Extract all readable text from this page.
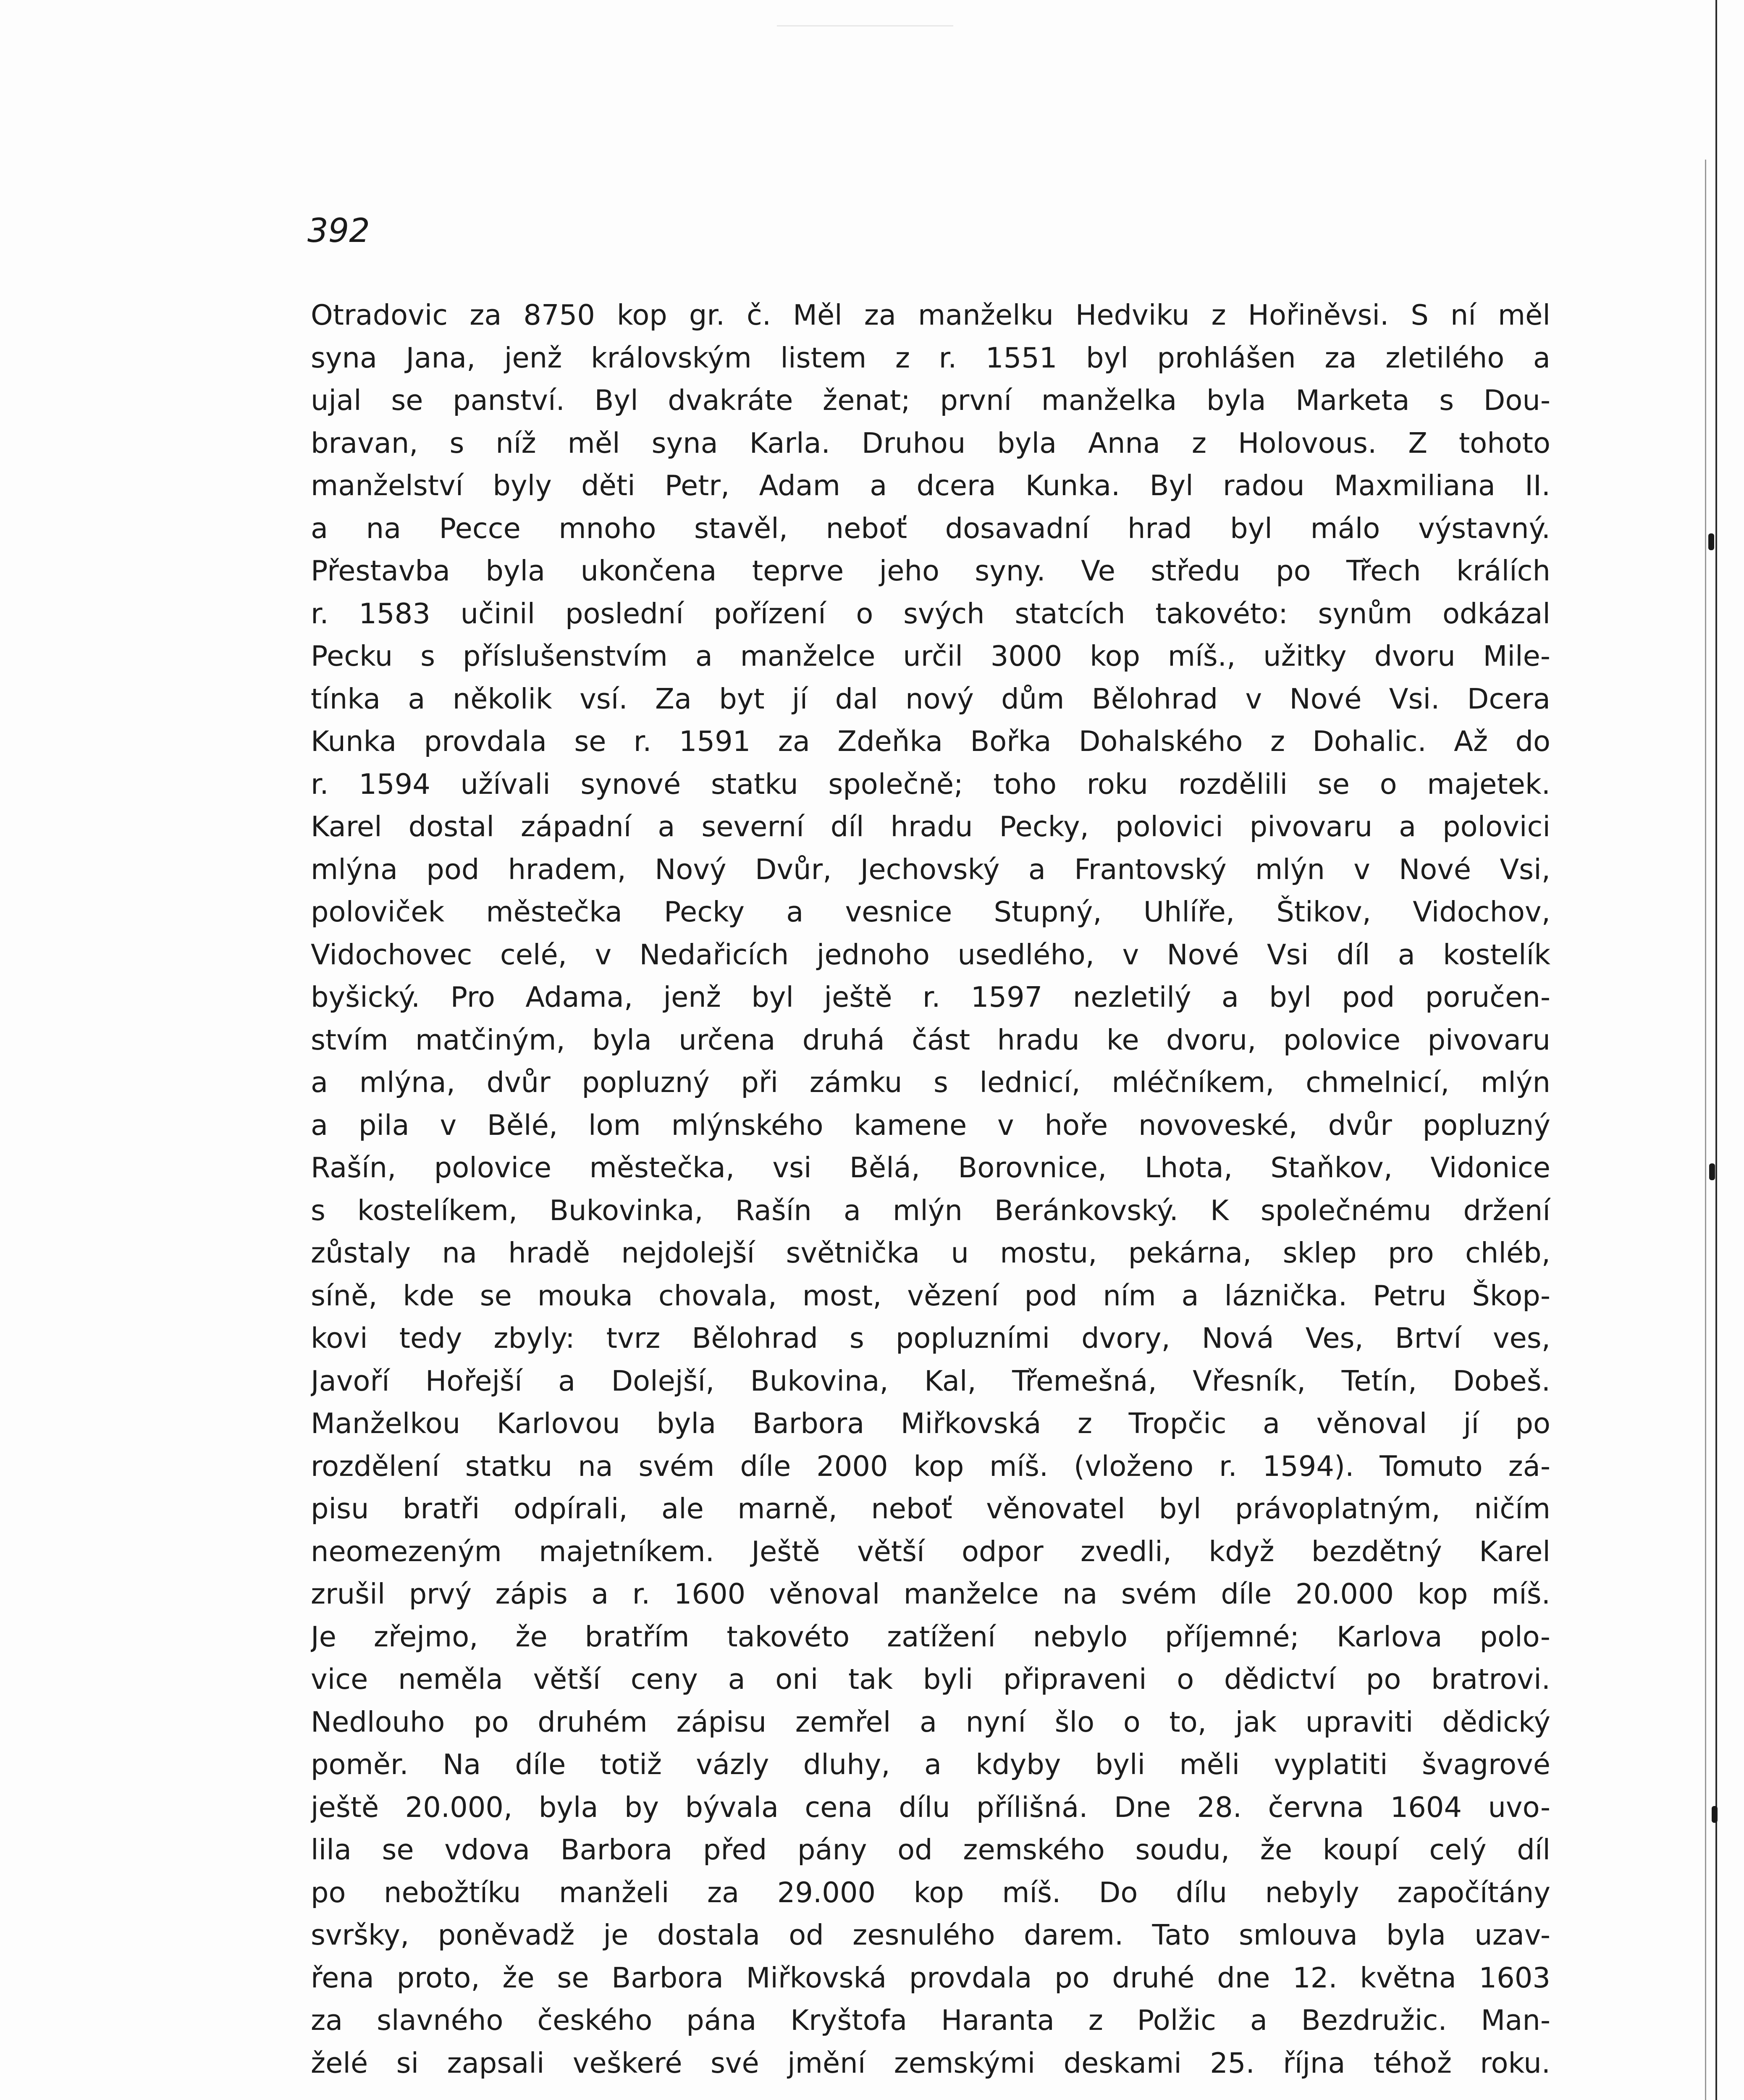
392
Otradovic za 8750 kop gr. č. Měl za manželku Hedviku z Hořiněvsi. S ní měl
syna Jana, jenž královským listem z r. 1551 byl prohlášen za zletilého a
ujal se panství. Byl dvakráte ženat; první manželka byla Marketa s Dou-
bravan, s níž měl syna Karla. Druhou byla Anna z Holovous. Z tohoto
manželství byly děti Petr, Adam a dcera Kunka. Byl radou Maxmiliana II.
a na Pecce mnoho stavěl, neboť dosavadní hrad byl málo výstavný.
Přestavba byla ukončena teprve jeho syny. Ve středu po Třech králích
r. 1583 učinil poslední pořízení o svých statcích takovéto: synům odkázal
Pecku s příslušenstvím a manželce určil 3000 kop míš., užitky dvoru Mile-
tínka a několik vsí. Za byt jí dal nový dům Bělohrad v Nové Vsi. Dcera
Kunka provdala se r. 1591 za Zdeňka Bořka Dohalského z Dohalic. Až do
r. 1594 užívali synové statku společně; toho roku rozdělili se o majetek.
Karel dostal západní a severní díl hradu Pecky, polovici pivovaru a polovici
mlýna pod hradem, Nový Dvůr, Jechovský a Frantovský mlýn v Nové Vsi,
poloviček městečka Pecky a vesnice Stupný, Uhlíře, Štikov, Vidochov,
Vidochovec celé, v Nedařicích jednoho usedlého, v Nové Vsi díl a kostelík
byšický. Pro Adama, jenž byl ještě r. 1597 nezletilý a byl pod poručen-
stvím matčiným, byla určena druhá část hradu ke dvoru, polovice pivovaru
a mlýna, dvůr popluzný při zámku s lednicí, mléčníkem, chmelnicí, mlýn
a pila v Bělé, lom mlýnského kamene v hoře novoveské, dvůr popluzný
Rašín, polovice městečka, vsi Bělá, Borovnice, Lhota, Staňkov, Vidonice
s kostelíkem, Bukovinka, Rašín a mlýn Beránkovský. K společnému držení
zůstaly na hradě nejdolejší světnička u mostu, pekárna, sklep pro chléb,
síně, kde se mouka chovala, most, vězení pod ním a láznička. Petru Škop-
kovi tedy zbyly: tvrz Bělohrad s popluzními dvory, Nová Ves, Brtví ves,
Javoří Hořejší a Dolejší, Bukovina, Kal, Třemešná, Vřesník, Tetín, Dobeš.
Manželkou Karlovou byla Barbora Miřkovská z Tropčic a věnoval jí po
rozdělení statku na svém díle 2000 kop míš. (vloženo r. 1594). Tomuto zá-
pisu bratři odpírali, ale marně, neboť věnovatel byl právoplatným, ničím
neomezeným majetníkem. Ještě větší odpor zvedli, když bezdětný Karel
zrušil prvý zápis a r. 1600 věnoval manželce na svém díle 20.000 kop míš.
Je zřejmo, že bratřím takovéto zatížení nebylo příjemné; Karlova polo-
vice neměla větší ceny a oni tak byli připraveni o dědictví po bratrovi.
Nedlouho po druhém zápisu zemřel a nyní šlo o to, jak upraviti dědický
poměr. Na díle totiž vázly dluhy, a kdyby byli měli vyplatiti švagrové
ještě 20.000, byla by bývala cena dílu přílišná. Dne 28. června 1604 uvo-
lila se vdova Barbora před pány od zemského soudu, že koupí celý díl
po nebožtíku manželi za 29.000 kop míš. Do dílu nebyly započítány
svršky, poněvadž je dostala od zesnulého darem. Tato smlouva byla uzav-
řena proto, že se Barbora Miřkovská provdala po druhé dne 12. května 1603
za slavného českého pána Kryštofa Haranta z Polžic a Bezdružic. Man-
želé si zapsali veškeré své jmění zemskými deskami 25. října téhož roku.
